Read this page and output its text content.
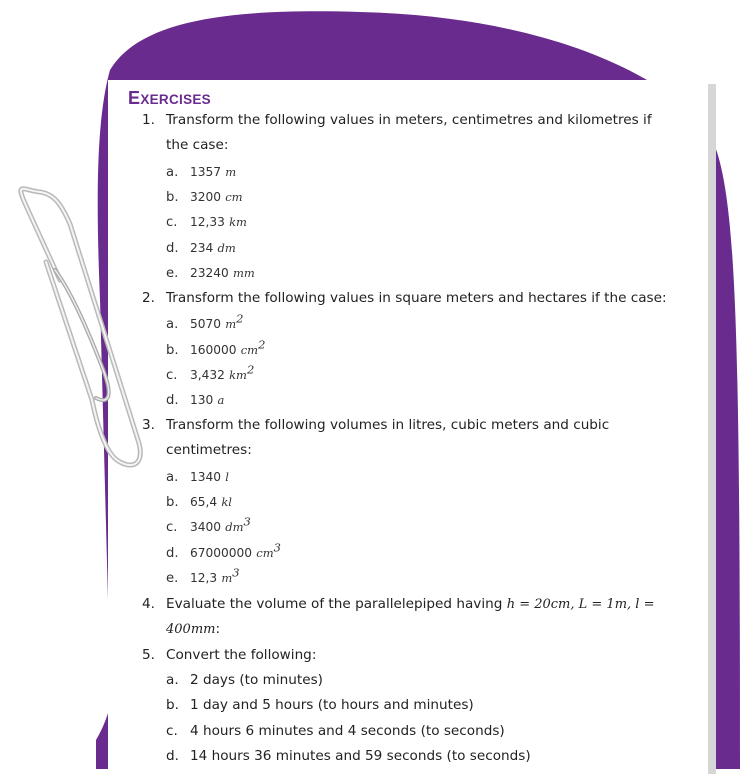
EXERCISES
1. Transform the following values in meters, centimetres and kilometres if
the case:
a. 1357 m
b. 3200 cm
c. 12,33 km
d. 234 dm
e. 23240 mm
2. Transform the following values in square meters and hectares if the case:
a. 5070 $m^2$
b. 160000 $cm^2$
c. 3,432 $km^2$
d. 130 a
3. Transform the following volumes in litres, cubic meters and cubic
centimetres:
a. 1340 l
b. 65,4 kl
c. 3400 $dm^3$
d. 67000000 $cm^3$
e. 12,3 $m^3$
4. Evaluate the volume of the parallelepiped having h = 20cm, L = 1m, l =
400mm:
5. Convert the following:
a. 2 days (to minutes)
b. 1 day and 5 hours (to hours and minutes)
c. 4 hours 6 minutes and 4 seconds (to seconds)
d. 14 hours 36 minutes and 59 seconds (to seconds)
